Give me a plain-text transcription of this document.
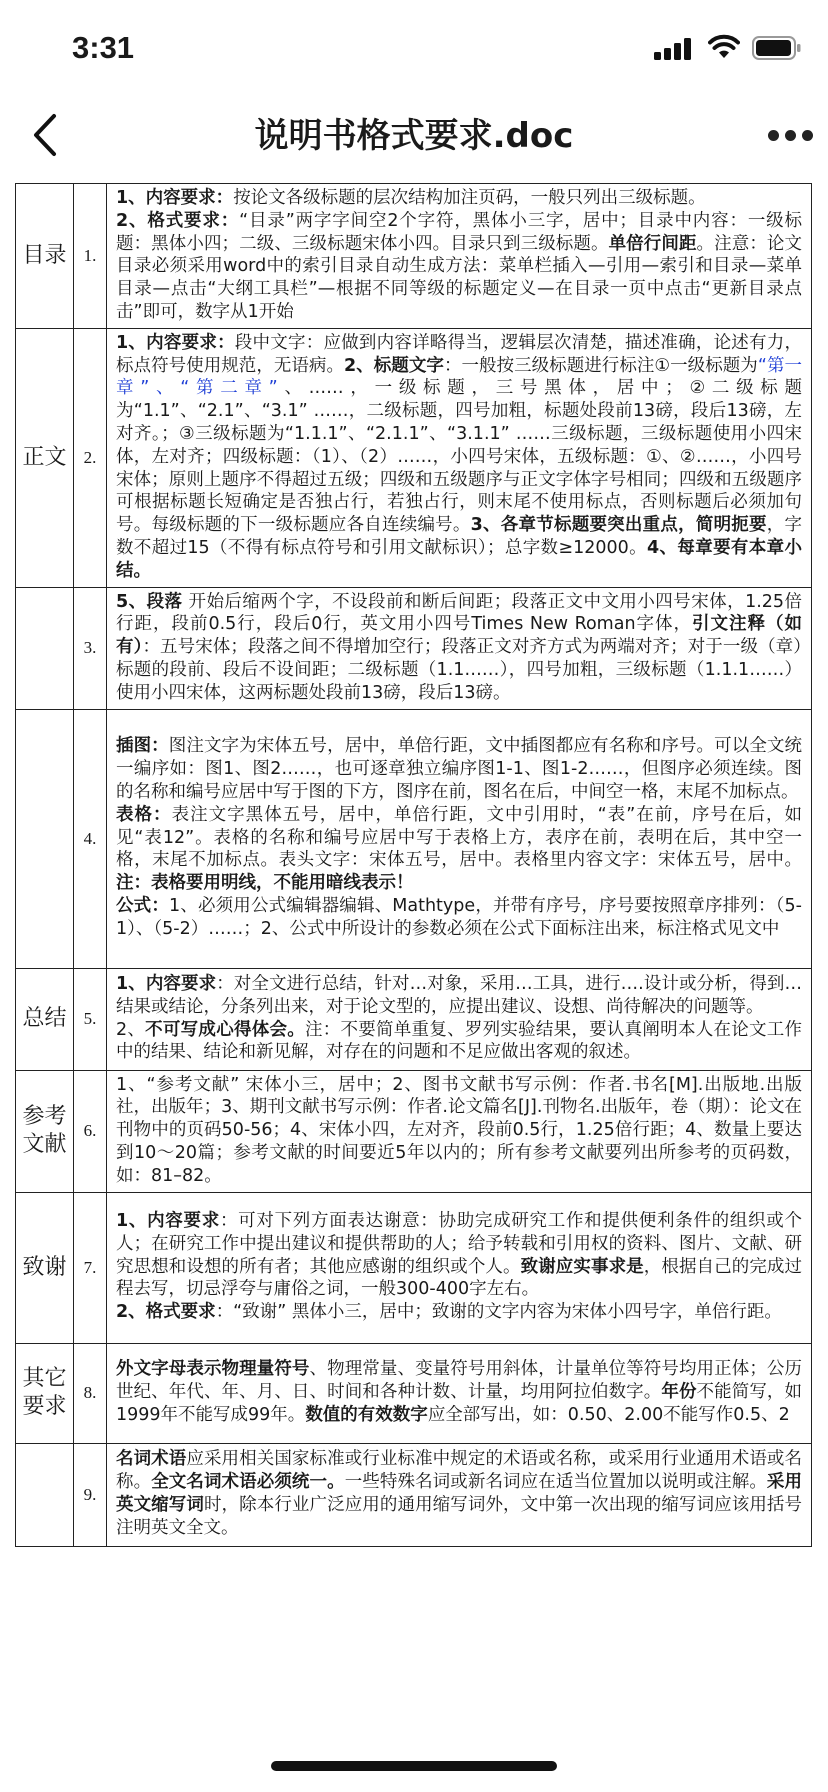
3:31
说明书格式要求.doc
目录	1.	1、内容要求：按论文各级标题的层次结构加注页码，一般只列出三级标题。

2、格式要求：“目录”两字字间空2个字符，黑体小三字，居中；目录中内容：一级标题：黑体小四；二级、三级标题宋体小四。目录只到三级标题。单倍行间距。注意：论文目录必须采用word中的索引目录自动生成方法：菜单栏插入—引用—索引和目录—菜单目录—点击“大纲工具栏”—根据不同等级的标题定义—在目录一页中点击“更新目录点击”即可，数字从1开始

正文	2.	1、内容要求：段中文字：应做到内容详略得当，逻辑层次清楚，描述准确，论述有力，标点符号使用规范，无语病。2、标题文字：一般按三级标题进行标注①一级标题为“第一章”、“第二章”、……，一级标题，三号黑体，居中；②二级标题为“1.1”、“2.1”、“3.1” ……，二级标题，四号加粗，标题处段前13磅，段后13磅，左对齐。；③三级标题为“1.1.1”、“2.1.1”、“3.1.1” ……三级标题，三级标题使用小四宋体，左对齐；四级标题：（1）、（2）……，小四号宋体，五级标题：①、②……，小四号宋体；原则上题序不得超过五级；四级和五级题序与正文字体字号相同；四级和五级题序可根据标题长短确定是否独占行，若独占行，则末尾不使用标点，否则标题后必须加句号。每级标题的下一级标题应各自连续编号。3、各章节标题要突出重点，简明扼要，字数不超过15（不得有标点符号和引用文献标识）；总字数≥12000。4、每章要有本章小结。

	3.	5、段落 开始后缩两个字，不设段前和断后间距；段落正文中文用小四号宋体，1.25倍行距，段前0.5行，段后0行，英文用小四号Times New Roman字体，引文注释（如有）：五号宋体；段落之间不得增加空行；段落正文对齐方式为两端对齐；对于一级（章）标题的段前、段后不设间距；二级标题（1.1……），四号加粗，三级标题（1.1.1……）使用小四宋体，这两标题处段前13磅，段后13磅。

	4.	插图：图注文字为宋体五号，居中，单倍行距，文中插图都应有名称和序号。可以全文统一编序如：图1、图2……，也可逐章独立编序图1-1、图1-2……，但图序必须连续。图的名称和编号应居中写于图的下方，图序在前，图名在后，中间空一格，末尾不加标点。

表格：表注文字黑体五号，居中，单倍行距，文中引用时，“表”在前，序号在后，如见“表12”。表格的名称和编号应居中写于表格上方，表序在前，表明在后，其中空一格，末尾不加标点。表头文字：宋体五号，居中。表格里内容文字：宋体五号，居中。注：表格要用明线，不能用暗线表示！

公式：1、必须用公式编辑器编辑、Mathtype，并带有序号，序号要按照章序排列：（5-1）、（5-2）……；2、公式中所设计的参数必须在公式下面标注出来，标注格式见文中

总结	5.	1、内容要求：对全文进行总结，针对…对象，采用…工具，进行….设计或分析，得到…结果或结论，分条列出来，对于论文型的，应提出建议、设想、尚待解决的问题等。

2、不可写成心得体会。注：不要简单重复、罗列实验结果，要认真阐明本人在论文工作中的结果、结论和新见解，对存在的问题和不足应做出客观的叙述。

参考文献	6.	1、“参考文献” 宋体小三，居中；2、图书文献书写示例：作者.书名[M].出版地.出版社，出版年；3、期刊文献书写示例：作者.论文篇名[J].刊物名.出版年，卷（期）：论文在刊物中的页码50-56；4、宋体小四，左对齐，段前0.5行，1.25倍行距；4、数量上要达到10～20篇；参考文献的时间要近5年以内的；所有参考文献要列出所参考的页码数，如：81–82。

致谢	7.	1、内容要求：可对下列方面表达谢意：协助完成研究工作和提供便利条件的组织或个人；在研究工作中提出建议和提供帮助的人；给予转载和引用权的资料、图片、文献、研究思想和设想的所有者；其他应感谢的组织或个人。致谢应实事求是，根据自己的完成过程去写，切忌浮夸与庸俗之词，一般300-400字左右。

2、格式要求：“致谢” 黑体小三，居中；致谢的文字内容为宋体小四号字，单倍行距。

其它要求	8.	外文字母表示物理量符号、物理常量、变量符号用斜体，计量单位等符号均用正体；公历世纪、年代、年、月、日、时间和各种计数、计量，均用阿拉伯数字。年份不能简写，如1999年不能写成99年。数值的有效数字应全部写出，如：0.50、2.00不能写作0.5、2

	9.	名词术语应采用相关国家标准或行业标准中规定的术语或名称，或采用行业通用术语或名称。全文名词术语必须统一。一些特殊名词或新名词应在适当位置加以说明或注解。采用英文缩写词时，除本行业广泛应用的通用缩写词外，文中第一次出现的缩写词应该用括号注明英文全文。
